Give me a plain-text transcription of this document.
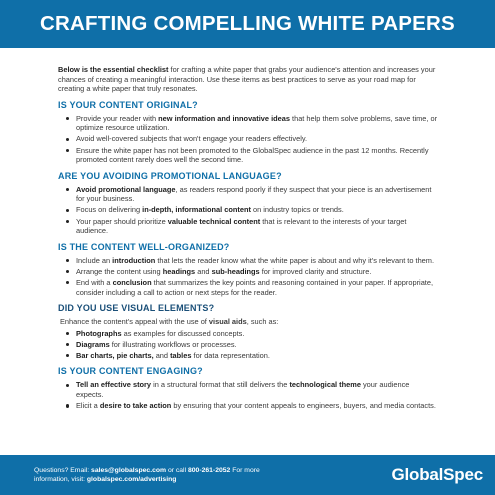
CRAFTING COMPELLING WHITE PAPERS

Below is the essential checklist for crafting a white paper that grabs your audience's attention and increases your chances of creating a meaningful interaction. Use these items as best practices to serve as your road map for creating a white paper that truly resonates.

IS YOUR CONTENT ORIGINAL?
Provide your reader with new information and innovative ideas that help them solve problems, save time, or optimize resource utilization.
Avoid well-covered subjects that won't engage your readers effectively.
Ensure the white paper has not been promoted to the GlobalSpec audience in the past 12 months. Recently promoted content rarely does well the second time.
ARE YOU AVOIDING PROMOTIONAL LANGUAGE?
Avoid promotional language, as readers respond poorly if they suspect that your piece is an advertisement for your business.
Focus on delivering in-depth, informational content on industry topics or trends.
Your paper should prioritize valuable technical content that is relevant to the interests of your target audience.
IS THE CONTENT WELL-ORGANIZED?
Include an introduction that lets the reader know what the white paper is about and why it's relevant to them.
Arrange the content using headings and sub-headings for improved clarity and structure.
End with a conclusion that summarizes the key points and reasoning contained in your paper. If appropriate, consider including a call to action or next steps for the reader.
DID YOU USE VISUAL ELEMENTS?

Enhance the content's appeal with the use of visual aids, such as:

Photographs as examples for discussed concepts.
Diagrams for illustrating workflows or processes.
Bar charts, pie charts, and tables for data representation.
IS YOUR CONTENT ENGAGING?
Tell an effective story in a structural format that still delivers the technological theme your audience expects.
Elicit a desire to take action by ensuring that your content appeals to engineers, buyers, and media contacts.
Questions? Email: sales@globalspec.com or call 800-261-2052 For more
information, visit: globalspec.com/advertising	GlobalSpec
